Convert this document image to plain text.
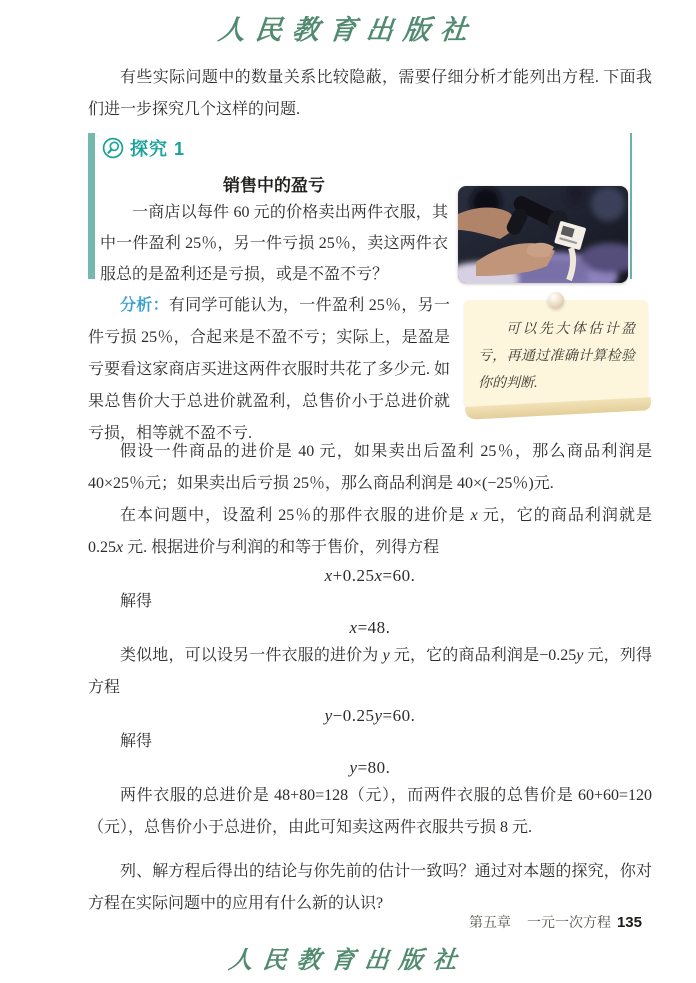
人民教育出版社

有些实际问题中的数量关系比较隐蔽，需要仔细分析才能列出方程. 下面我们进一步探究几个这样的问题.

探究 1
销售中的盈亏

一商店以每件 60 元的价格卖出两件衣服，其中一件盈利 25％，另一件亏损 25％，卖这两件衣服总的是盈利还是亏损，或是不盈不亏？

分析：有同学可能认为，一件盈利 25％，另一件亏损 25％，合起来是不盈不亏；实际上，是盈是亏要看这家商店买进这两件衣服时共花了多少元. 如果总售价大于总进价就盈利，总售价小于总进价就亏损，相等就不盈不亏.

可以先大体估计盈亏，再通过准确计算检验你的判断.

假设一件商品的进价是 40 元，如果卖出后盈利 25％，那么商品利润是 40×25％元；如果卖出后亏损 25％，那么商品利润是 40×(−25％)元.

在本问题中，设盈利 25％的那件衣服的进价是 x 元，它的商品利润就是 0.25x 元. 根据进价与利润的和等于售价，列得方程

x+0.25x=60.

解得

x=48.

类似地，可以设另一件衣服的进价为 y 元，它的商品利润是−0.25y 元，列得方程

y−0.25y=60.

解得

y=80.

两件衣服的总进价是 48+80=128（元），而两件衣服的总售价是 60+60=120（元），总售价小于总进价，由此可知卖这两件衣服共亏损 8 元.

列、解方程后得出的结论与你先前的估计一致吗？通过对本题的探究，你对方程在实际问题中的应用有什么新的认识?

第五章 一元一次方程 135
人民教育出版社
